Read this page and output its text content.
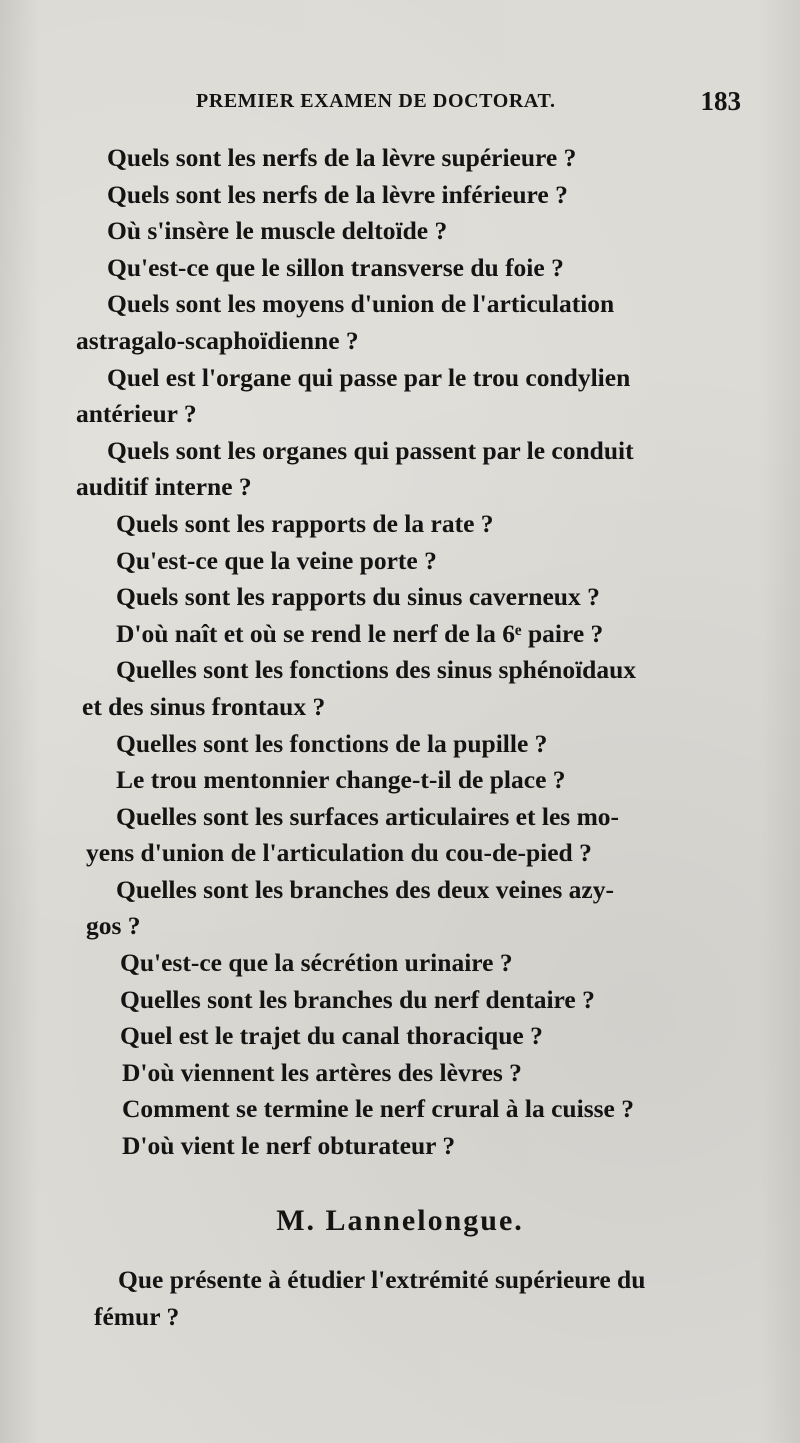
PREMIER EXAMEN DE DOCTORAT.	183

Quels sont les nerfs de la lèvre supérieure ?

Quels sont les nerfs de la lèvre inférieure ?

Où s'insère le muscle deltoïde ?

Qu'est-ce que le sillon transverse du foie ?

Quels sont les moyens d'union de l'articulation

astragalo-scaphoïdienne ?

Quel est l'organe qui passe par le trou condylien

antérieur ?

Quels sont les organes qui passent par le conduit

auditif interne ?

Quels sont les rapports de la rate ?

Qu'est-ce que la veine porte ?

Quels sont les rapports du sinus caverneux ?

D'où naît et où se rend le nerf de la 6ᵉ paire ?

Quelles sont les fonctions des sinus sphénoïdaux

et des sinus frontaux ?

Quelles sont les fonctions de la pupille ?

Le trou mentonnier change-t-il de place ?

Quelles sont les surfaces articulaires et les mo-

yens d'union de l'articulation du cou-de-pied ?

Quelles sont les branches des deux veines azy-

gos ?

Qu'est-ce que la sécrétion urinaire ?

Quelles sont les branches du nerf dentaire ?

Quel est le trajet du canal thoracique ?

D'où viennent les artères des lèvres ?

Comment se termine le nerf crural à la cuisse ?

D'où vient le nerf obturateur ?

M. Lannelongue.

Que présente à étudier l'extrémité supérieure du

fémur ?
